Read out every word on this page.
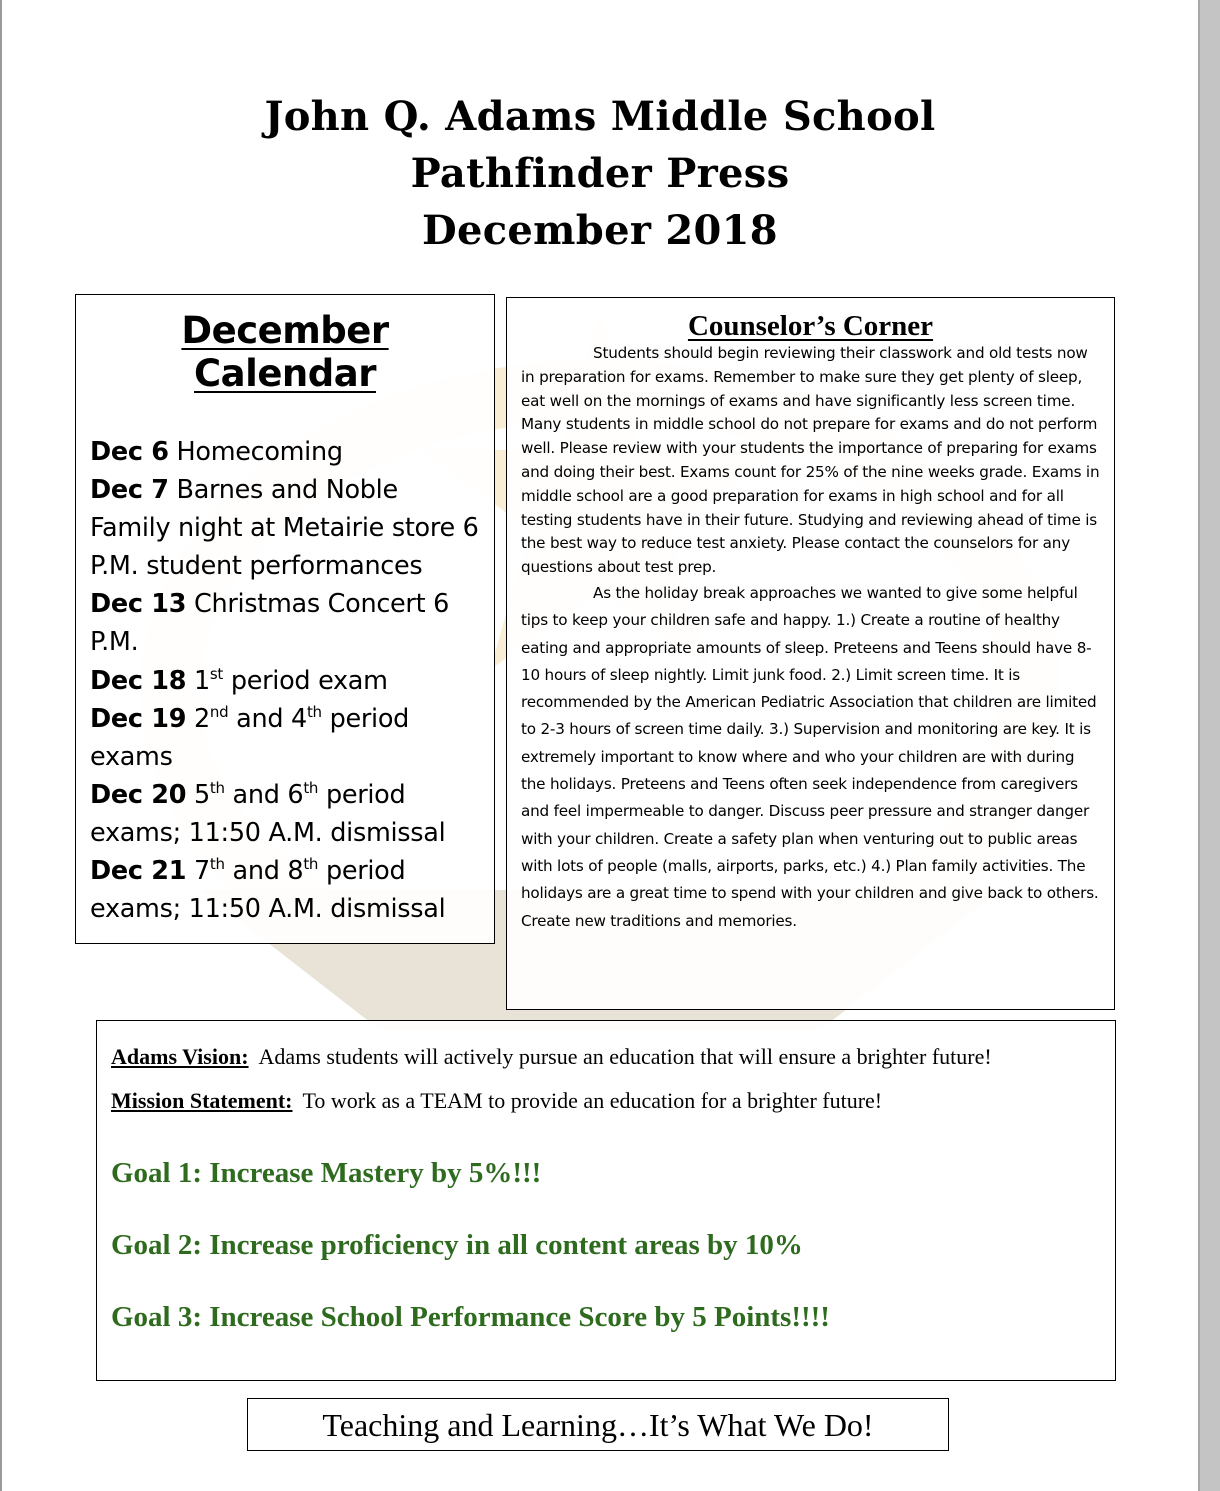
John Q. Adams Middle School
Pathfinder Press
December 2018
December
Calendar

Dec 6 Homecoming

Dec 7 Barnes and Noble Family night at Metairie store 6 P.M. student performances

Dec 13 Christmas Concert 6 P.M.

Dec 18 1st period exam

Dec 19 2nd and 4th period exams

Dec 20 5th and 6th period exams; 11:50 A.M. dismissal

Dec 21 7th and 8th period exams; 11:50 A.M. dismissal

Counselor’s Corner

Students should begin reviewing their classwork and old tests now in preparation for exams. Remember to make sure they get plenty of sleep, eat well on the mornings of exams and have significantly less screen time. Many students in middle school do not prepare for exams and do not perform well. Please review with your students the importance of preparing for exams and doing their best. Exams count for 25% of the nine weeks grade. Exams in middle school are a good preparation for exams in high school and for all testing students have in their future. Studying and reviewing ahead of time is the best way to reduce test anxiety. Please contact the counselors for any questions about test prep.

As the holiday break approaches we wanted to give some helpful tips to keep your children safe and happy. 1.) Create a routine of healthy eating and appropriate amounts of sleep. Preteens and Teens should have 8-10 hours of sleep nightly. Limit junk food. 2.) Limit screen time. It is recommended by the American Pediatric Association that children are limited to 2-3 hours of screen time daily. 3.) Supervision and monitoring are key. It is extremely important to know where and who your children are with during the holidays. Preteens and Teens often seek independence from caregivers and feel impermeable to danger. Discuss peer pressure and stranger danger with your children. Create a safety plan when venturing out to public areas with lots of people (malls, airports, parks, etc.) 4.) Plan family activities. The holidays are a great time to spend with your children and give back to others. Create new traditions and memories.

Adams Vision: Adams students will actively pursue an education that will ensure a brighter future!

Mission Statement: To work as a TEAM to provide an education for a brighter future!

Goal 1: Increase Mastery by 5%!!!

Goal 2: Increase proficiency in all content areas by 10%

Goal 3: Increase School Performance Score by 5 Points!!!!

Teaching and Learning…It’s What We Do!
